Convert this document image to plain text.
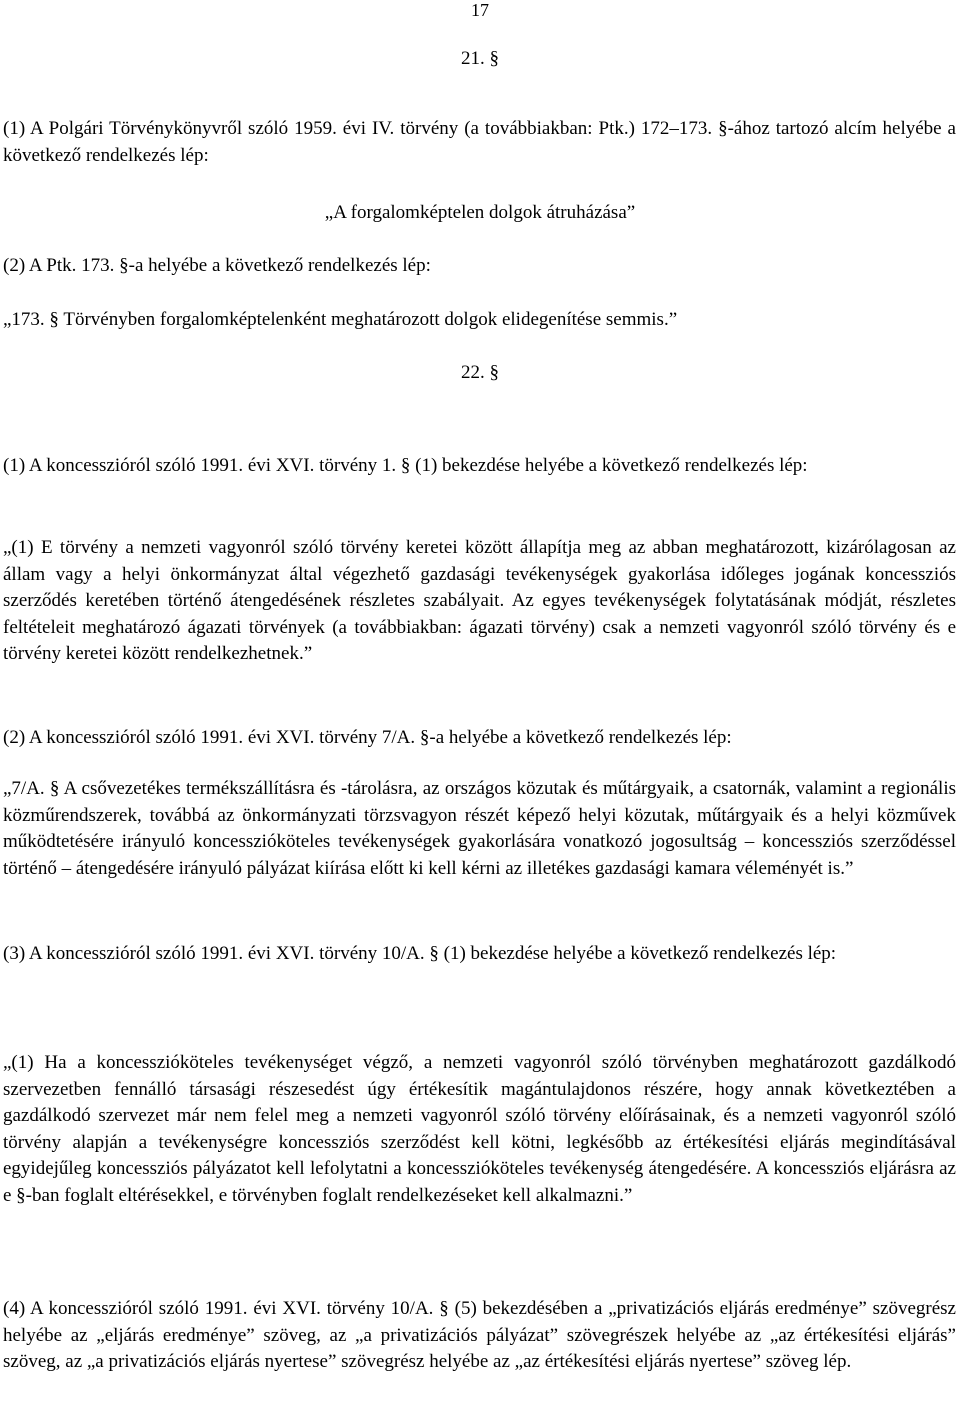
17
21. §

(1) A Polgári Törvénykönyvről szóló 1959. évi IV. törvény (a továbbiakban: Ptk.) 172–173. §-ához tartozó alcím helyébe a következő rendelkezés lép:

„A forgalomképtelen dolgok átruházása”

(2) A Ptk. 173. §-a helyébe a következő rendelkezés lép:

„173. § Törvényben forgalomképtelenként meghatározott dolgok elidegenítése semmis.”

22. §

(1) A koncesszióról szóló 1991. évi XVI. törvény 1. § (1) bekezdése helyébe a következő rendelkezés lép:

„(1) E törvény a nemzeti vagyonról szóló törvény keretei között állapítja meg az abban meghatározott, kizárólagosan az állam vagy a helyi önkormányzat által végezhető gazdasági tevékenységek gyakorlása időleges jogának koncessziós szerződés keretében történő átengedésének részletes szabályait. Az egyes tevékenységek folytatásának módját, részletes feltételeit meghatározó ágazati törvények (a továbbiakban: ágazati törvény) csak a nemzeti vagyonról szóló törvény és e törvény keretei között rendelkezhetnek.”

(2) A koncesszióról szóló 1991. évi XVI. törvény 7/A. §-a helyébe a következő rendelkezés lép:

„7/A. § A csővezetékes termékszállításra és -tárolásra, az országos közutak és műtárgyaik, a csatornák, valamint a regionális közműrendszerek, továbbá az önkormányzati törzsvagyon részét képező helyi közutak, műtárgyaik és a helyi közművek működtetésére irányuló koncesszióköteles tevékenységek gyakorlására vonatkozó jogosultság – koncessziós szerződéssel történő – átengedésére irányuló pályázat kiírása előtt ki kell kérni az illetékes gazdasági kamara véleményét is.”

(3) A koncesszióról szóló 1991. évi XVI. törvény 10/A. § (1) bekezdése helyébe a következő rendelkezés lép:

„(1) Ha a koncesszióköteles tevékenységet végző, a nemzeti vagyonról szóló törvényben meghatározott gazdálkodó szervezetben fennálló társasági részesedést úgy értékesítik magántulajdonos részére, hogy annak következtében a gazdálkodó szervezet már nem felel meg a nemzeti vagyonról szóló törvény előírásainak, és a nemzeti vagyonról szóló törvény alapján a tevékenységre koncessziós szerződést kell kötni, legkésőbb az értékesítési eljárás megindításával egyidejűleg koncessziós pályázatot kell lefolytatni a koncesszióköteles tevékenység átengedésére. A koncessziós eljárásra az e §-ban foglalt eltérésekkel, e törvényben foglalt rendelkezéseket kell alkalmazni.”

(4) A koncesszióról szóló 1991. évi XVI. törvény 10/A. § (5) bekezdésében a „privatizációs eljárás eredménye” szövegrész helyébe az „eljárás eredménye” szöveg, az „a privatizációs pályázat” szövegrészek helyébe az „az értékesítési eljárás” szöveg, az „a privatizációs eljárás nyertese” szövegrész helyébe az „az értékesítési eljárás nyertese” szöveg lép.
